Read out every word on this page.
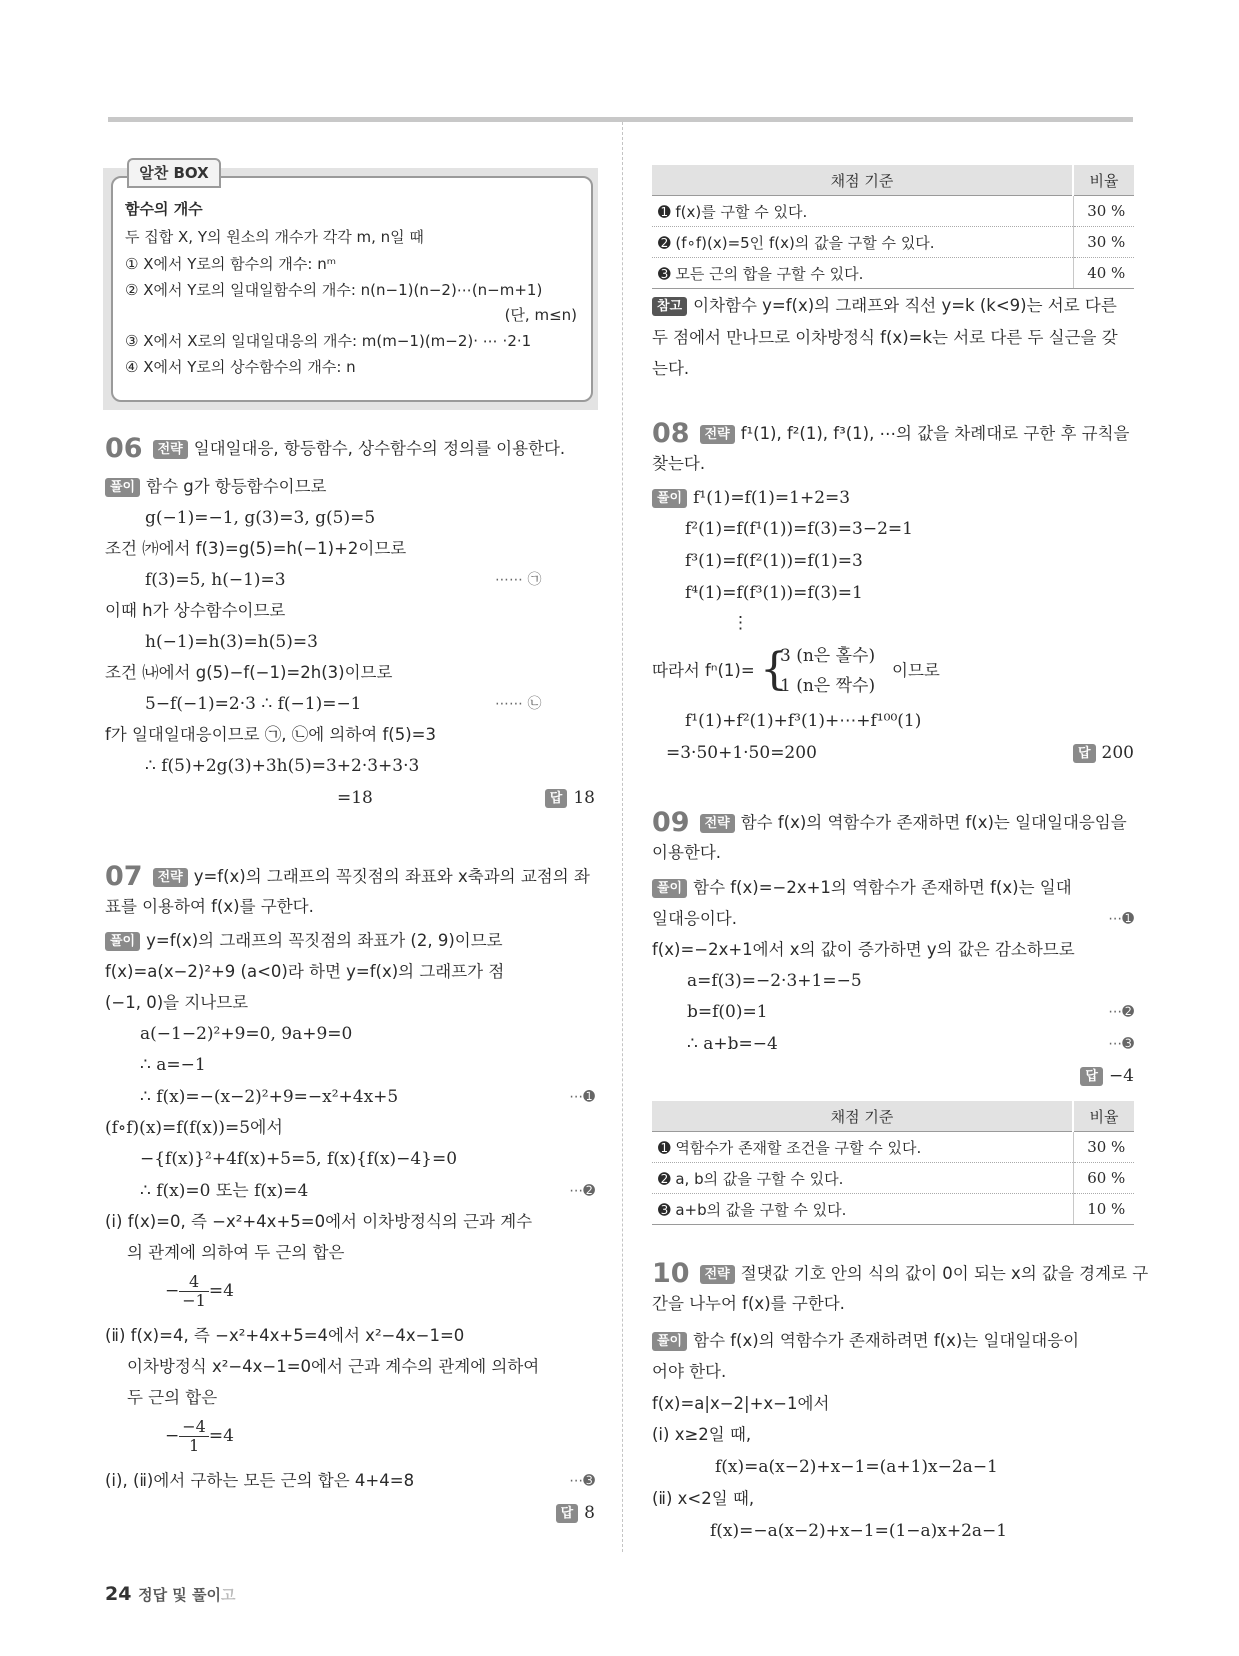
함수의 개수
두 집합 X, Y의 원소의 개수가 각각 m, n일 때
① X에서 Y로의 함수의 개수: nᵐ
② X에서 Y로의 일대일함수의 개수: n(n−1)(n−2)⋯(n−m+1)
(단, m≤n)
③ X에서 X로의 일대일대응의 개수: m(m−1)(m−2)· ⋯ ·2·1
④ X에서 Y로의 상수함수의 개수: n
알찬 BOX
06 전략 일대일대응, 항등함수, 상수함수의 정의를 이용한다.
풀이 함수 g가 항등함수이므로
g(−1)=−1, g(3)=3, g(5)=5
조건 ㈎에서 f(3)=g(5)=h(−1)+2이므로
f(3)=5, h(−1)=3	⋯⋯ ㉠
이때 h가 상수함수이므로
h(−1)=h(3)=h(5)=3
조건 ㈏에서 g(5)−f(−1)=2h(3)이므로
5−f(−1)=2·3 ∴ f(−1)=−1	⋯⋯ ㉡
f가 일대일대응이므로 ㉠, ㉡에 의하여 f(5)=3
∴ f(5)+2g(3)+3h(5)=3+2·3+3·3
=18	답 18
07 전략 y=f(x)의 그래프의 꼭짓점의 좌표와 x축과의 교점의 좌
표를 이용하여 f(x)를 구한다.
풀이 y=f(x)의 그래프의 꼭짓점의 좌표가 (2, 9)이므로
f(x)=a(x−2)²+9 (a<0)라 하면 y=f(x)의 그래프가 점
(−1, 0)을 지나므로
a(−1−2)²+9=0, 9a+9=0
∴ a=−1
∴ f(x)=−(x−2)²+9=−x²+4x+5	⋯➊
(f∘f)(x)=f(f(x))=5에서
−{f(x)}²+4f(x)+5=5, f(x){f(x)−4}=0
∴ f(x)=0 또는 f(x)=4	⋯➋
(ⅰ) f(x)=0, 즉 −x²+4x+5=0에서 이차방정식의 근과 계수
의 관계에 의하여 두 근의 합은
− $\frac{4}{-1} =4$
(ⅱ) f(x)=4, 즉 −x²+4x+5=4에서 x²−4x−1=0
이차방정식 x²−4x−1=0에서 근과 계수의 관계에 의하여
두 근의 합은
− $\frac{-4}{1} =4$
(ⅰ), (ⅱ)에서 구하는 모든 근의 합은 4+4=8	⋯➌
답 8
채점 기준	비율
➊ f(x)를 구할 수 있다.	30 %
➋ (f∘f)(x)=5인 f(x)의 값을 구할 수 있다.	30 %
➌ 모든 근의 합을 구할 수 있다.	40 %
참고 이차함수 y=f(x)의 그래프와 직선 y=k (k<9)는 서로 다른
두 점에서 만나므로 이차방정식 f(x)=k는 서로 다른 두 실근을 갖
는다.
08 전략 f¹(1), f²(1), f³(1), ⋯의 값을 차례대로 구한 후 규칙을
찾는다.
풀이 f¹(1)=f(1)=1+2=3
f²(1)=f(f¹(1))=f(3)=3−2=1
f³(1)=f(f²(1))=f(1)=3
f⁴(1)=f(f³(1))=f(3)=1
⋮
따라서 fⁿ(1)= {
3 (n은 홀수)
1 (n은 짝수)
이므로
f¹(1)+f²(1)+f³(1)+⋯+f¹⁰⁰(1)
=3·50+1·50=200	답 200
09 전략 함수 f(x)의 역함수가 존재하면 f(x)는 일대일대응임을
이용한다.
풀이 함수 f(x)=−2x+1의 역함수가 존재하면 f(x)는 일대
일대응이다.	⋯➊
f(x)=−2x+1에서 x의 값이 증가하면 y의 값은 감소하므로
a=f(3)=−2·3+1=−5
b=f(0)=1	⋯➋
∴ a+b=−4	⋯➌
답 −4
10 전략 절댓값 기호 안의 식의 값이 0이 되는 x의 값을 경계로 구
간을 나누어 f(x)를 구한다.
풀이 함수 f(x)의 역함수가 존재하려면 f(x)는 일대일대응이
어야 한다.
f(x)=a|x−2|+x−1에서
(ⅰ) x≥2일 때,
f(x)=a(x−2)+x−1=(a+1)x−2a−1
(ⅱ) x<2일 때,
f(x)=−a(x−2)+x−1=(1−a)x+2a−1
채점 기준	비율
➊ 역함수가 존재할 조건을 구할 수 있다.	30 %
➋ a, b의 값을 구할 수 있다.	60 %
➌ a+b의 값을 구할 수 있다.	10 %
24 정답 및 풀이고
